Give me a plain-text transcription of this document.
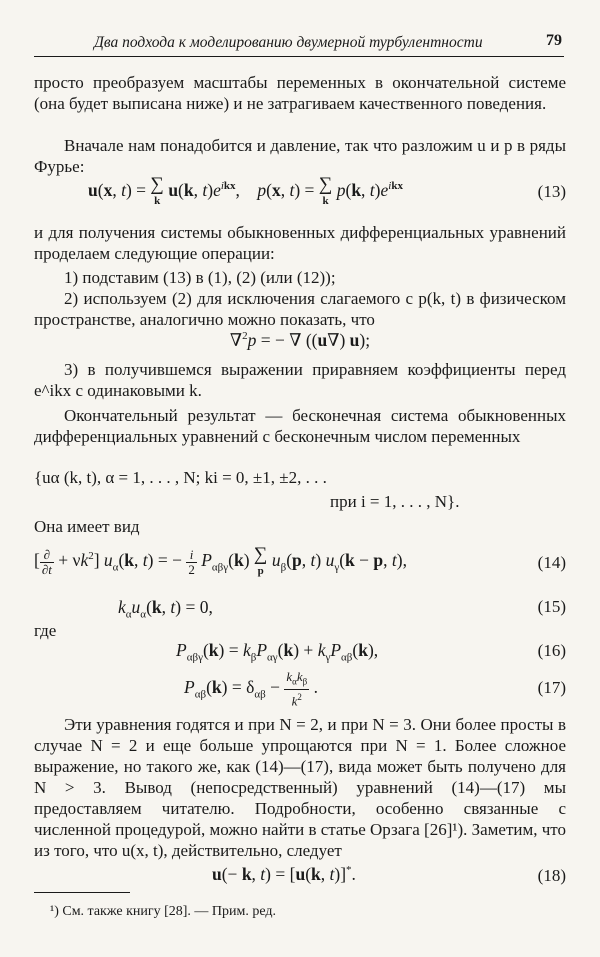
Два подхода к моделированию двумерной турбулентности	79
просто преобразуем масштабы переменных в окончательной системе (она будет выписана ниже) и не затрагиваем качественного поведения.
Вначале нам понадобится и давление, так что разложим u и p в ряды Фурье:
u(x, t) = ∑
k
u(k, $t)e^{ikx}$,    p(x, t) = ∑
k
p(k, $t)e^{ikx}$	(13)
и для получения системы обыкновенных дифференциальных уравнений проделаем следующие операции:
1) подставим (13) в (1), (2) (или (12));
2) используем (2) для исключения слагаемого с p(k, t) в физическом пространстве, аналогично можно показать, что
∇$^2$p = − ∇ ((u∇) u);
3) в получившемся выражении приравняем коэффициенты перед e^ikx с одинаковыми k.
Окончательный результат — бесконечная система обыкновенных дифференциальных уравнений с бесконечным числом переменных
{uα (k, t), α = 1, . . . , N; ki = 0, ±1, ±2, . . .
при i = 1, . . . , N}.
Она имеет вид
[ $\frac{\partial}{\partial t} + \nu k^2$] $u_\alpha(k$, t) = − $\frac{i}{2} P_{\alpha\beta\gamma}(k)$ ∑
p
$u_\beta(p$, t) $u_\gamma(k - p$, t),	(14)
$k_\alpha u_\alpha(k$, t) = 0,	(15)
где
$P_{\alpha\beta\gamma}(k) = k_\beta P_{\alpha\gamma}(k) + k_\gamma P_{\alpha\beta}(k)$,	(16)
$P_{\alpha\beta}(k) = \delta_{\alpha\beta} - \frac{k_\alpha k_\beta}{k^2}$ .	(17)
Эти уравнения годятся и при N = 2, и при N = 3. Они более просты в случае N = 2 и еще больше упрощаются при N = 1. Более сложное выражение, но такого же, как (14)—(17), вида может быть получено для N > 3. Вывод (непосредственный) уравнений (14)—(17) мы предоставляем читателю. Подробности, особенно связанные с численной процедурой, можно найти в статье Орзага [26]¹). Заметим, что из того, что u(x, t), действительно, следует
u(− k, t) = [u(k, t)]*.	(18)
¹) См. также книгу [28]. — Прим. ред.
